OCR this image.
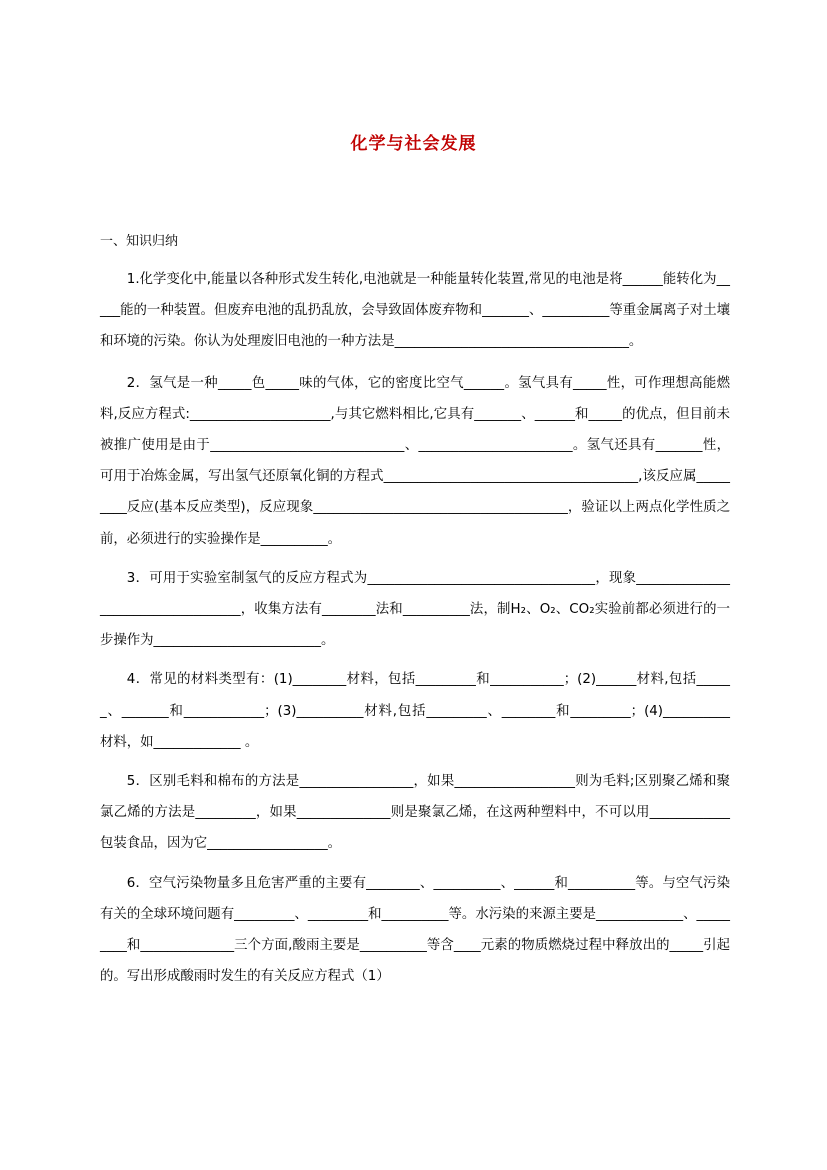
化学与社会发展
一、知识归纳

1.化学变化中,能量以各种形式发生转化,电池就是一种能量转化装置,常见的电池是将______能转化为_____能的一种装置。但废弃电池的乱扔乱放，会导致固体废弃物和_______、__________等重金属离子对土壤和环境的污染。你认为处理废旧电池的一种方法是___________________________________。

2．氢气是一种_____色_____味的气体，它的密度比空气______。氢气具有_____性，可作理想高能燃料,反应方程式:_____________________,与其它燃料相比,它具有_______、______和_____的优点，但目前未被推广使用是由于_____________________________、_______________________。氢气还具有_______性，可用于冶炼金属，写出氢气还原氧化铜的方程式______________________________________,该反应属_________反应(基本反应类型)，反应现象______________________________________，验证以上两点化学性质之前，必须进行的实验操作是__________。

3．可用于实验室制氢气的反应方程式为__________________________________，现象___________________________________，收集方法有________法和__________法，制H₂、O₂、CO₂实验前都必须进行的一步操作为_________________________。

4．常见的材料类型有：(1)________材料，包括_________和___________；(2)______材料,包括______、_______和____________；(3)__________材料,包括_________、________和_________；(4)__________材料，如_____________ 。

5．区别毛料和棉布的方法是_________________，如果__________________则为毛料;区别聚乙烯和聚氯乙烯的方法是_________，如果______________则是聚氯乙烯，在这两种塑料中，不可以用____________包装食品，因为它__________________。

6．空气污染物量多且危害严重的主要有________、__________、______和__________等。与空气污染有关的全球环境问题有_________、_________和__________等。水污染的来源主要是_____________、_________和______________三个方面,酸雨主要是__________等含____元素的物质燃烧过程中释放出的_____引起的。写出形成酸雨时发生的有关反应方程式（1）
